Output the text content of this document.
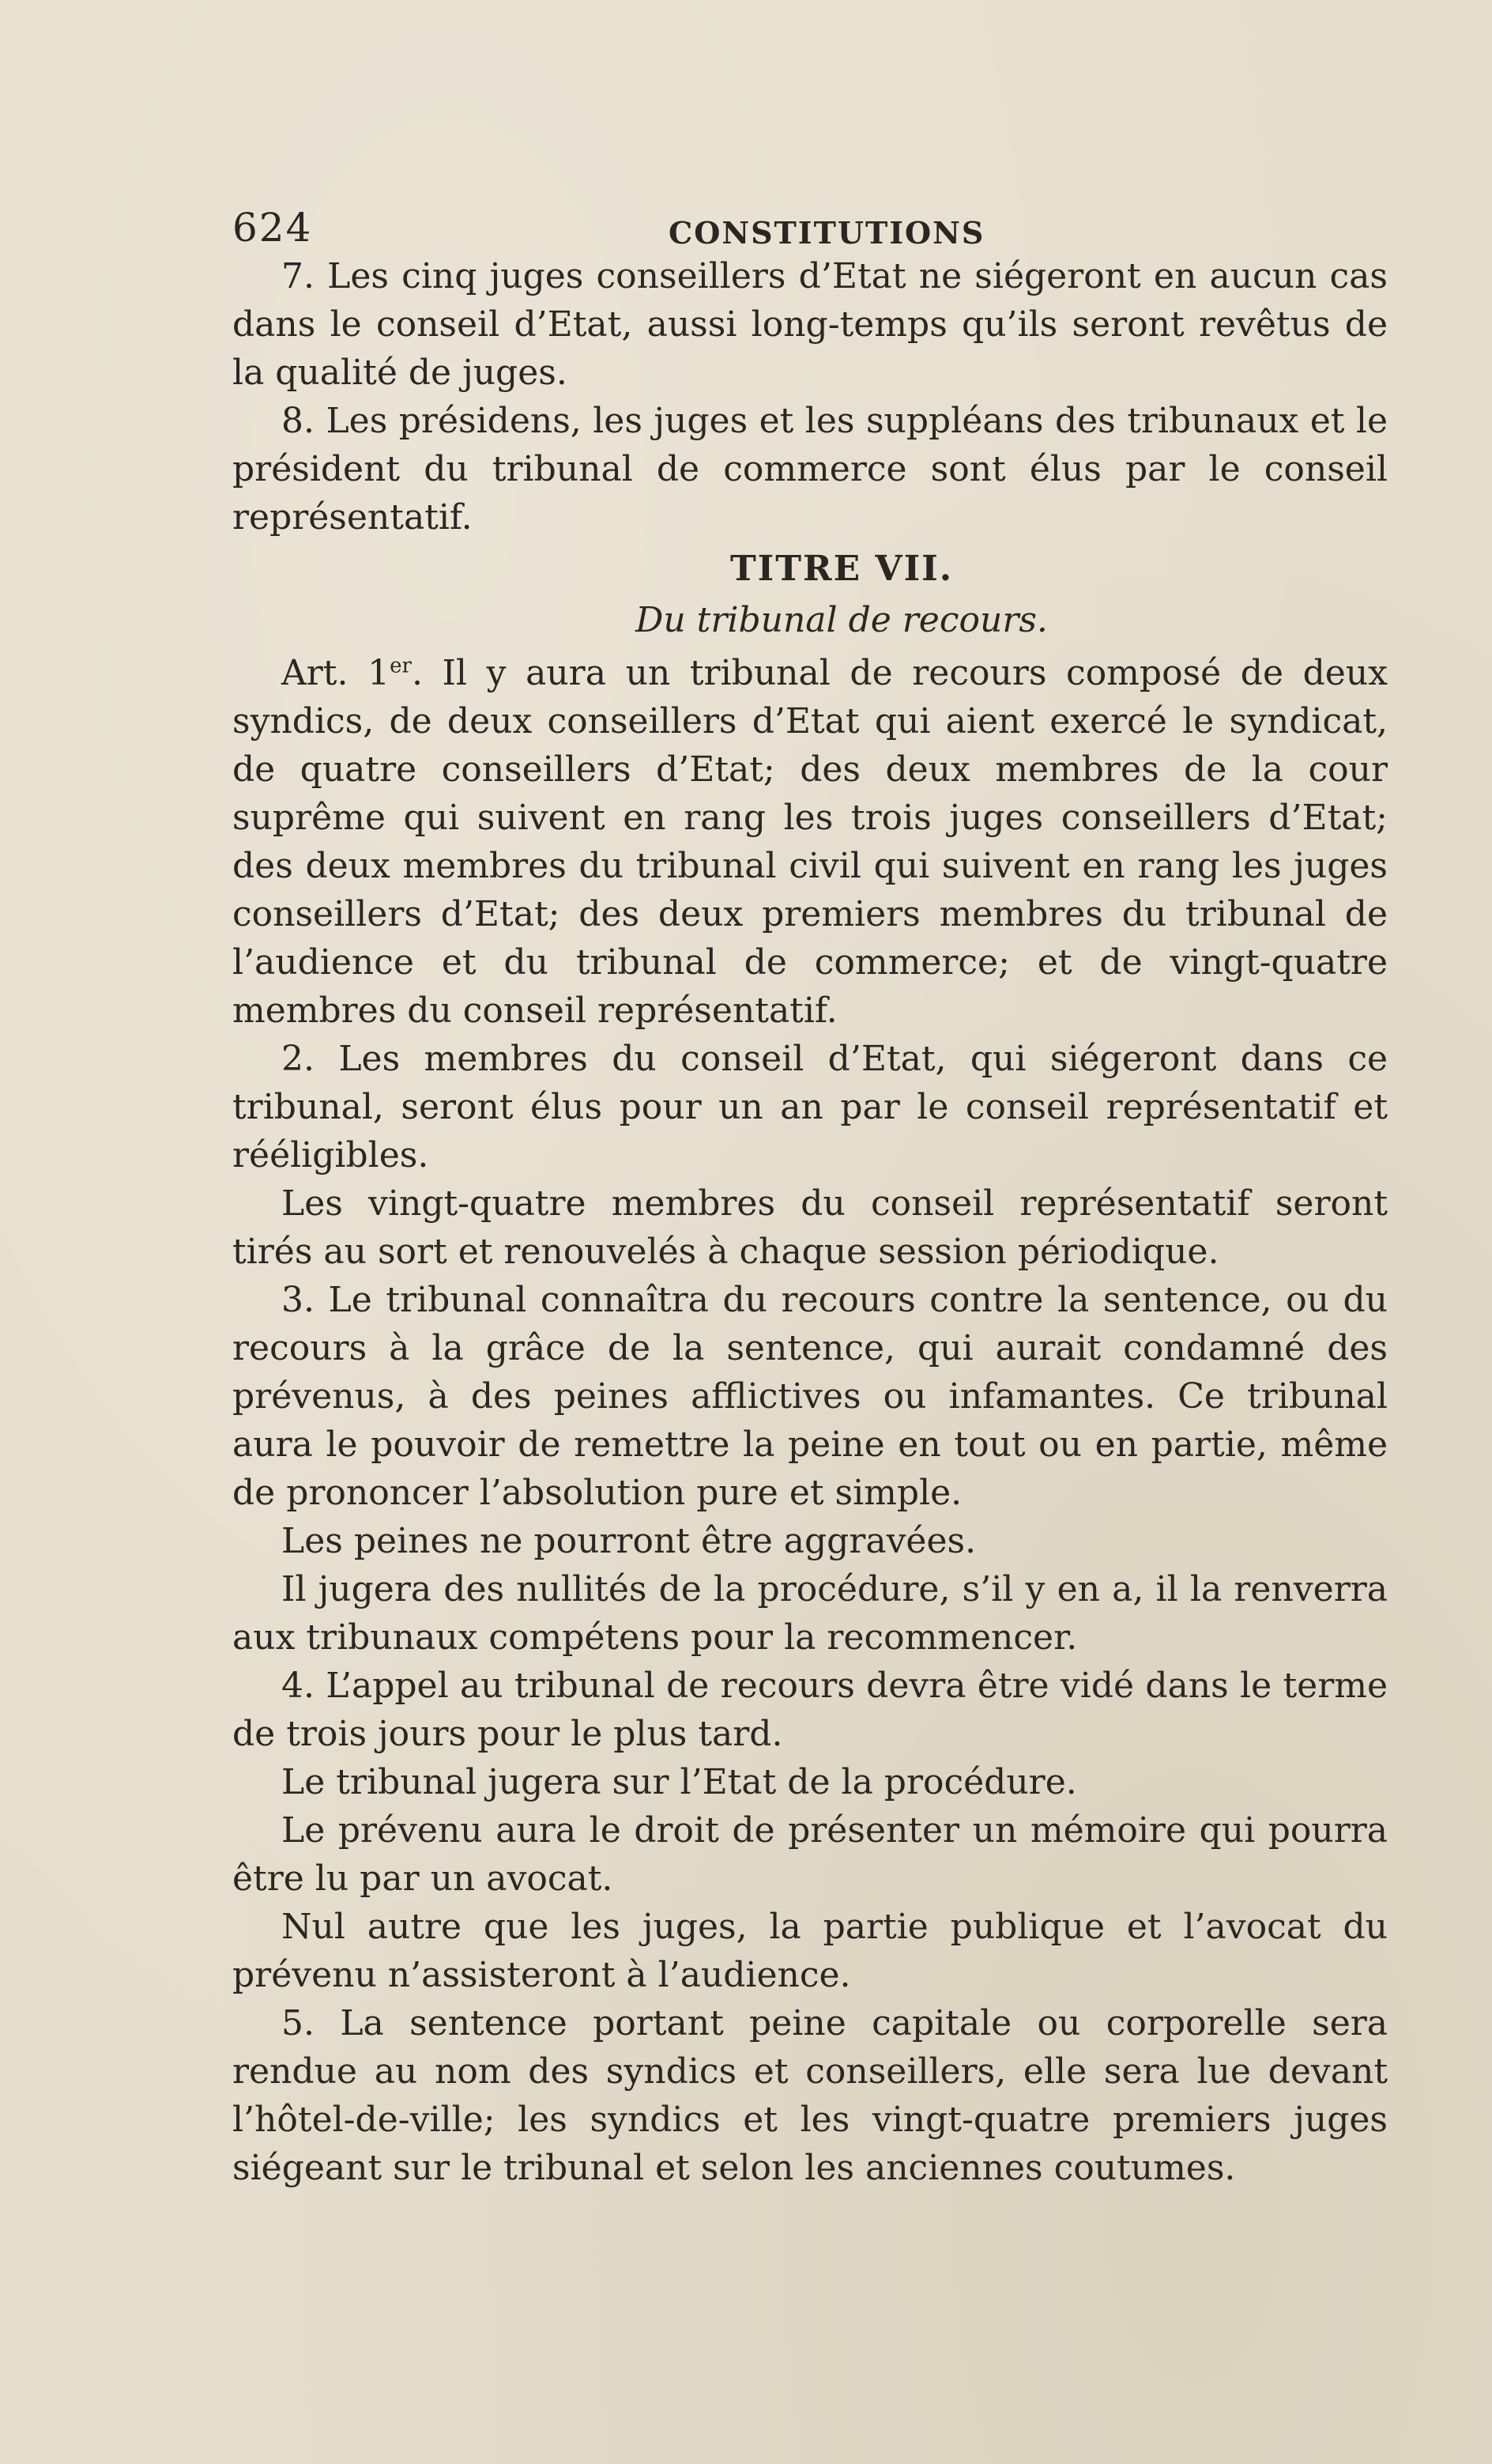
624	CONSTITUTIONS

7. Les cinq juges conseillers d’Etat ne siégeront en aucun cas dans le conseil d’Etat, aussi long-temps qu’ils seront revêtus de la qualité de juges.

8. Les présidens, les juges et les suppléans des tribunaux et le président du tribunal de commerce sont élus par le conseil représentatif.

TITRE VII.
Du tribunal de recours.

Art. 1er. Il y aura un tribunal de recours composé de deux syndics, de deux conseillers d’Etat qui aient exercé le syndicat, de quatre conseillers d’Etat; des deux membres de la cour suprême qui suivent en rang les trois juges conseillers d’Etat; des deux membres du tribunal civil qui suivent en rang les juges conseillers d’Etat; des deux premiers membres du tribunal de l’audience et du tribunal de commerce; et de vingt-quatre membres du conseil représentatif.

2. Les membres du conseil d’Etat, qui siégeront dans ce tribunal, seront élus pour un an par le conseil représentatif et rééligibles.

Les vingt-quatre membres du conseil représentatif seront tirés au sort et renouvelés à chaque session périodique.

3. Le tribunal connaîtra du recours contre la sentence, ou du recours à la grâce de la sentence, qui aurait condamné des prévenus, à des peines afflictives ou infamantes. Ce tribunal aura le pouvoir de remettre la peine en tout ou en partie, même de prononcer l’absolution pure et simple.

Les peines ne pourront être aggravées.

Il jugera des nullités de la procédure, s’il y en a, il la renverra aux tribunaux compétens pour la recommencer.

4. L’appel au tribunal de recours devra être vidé dans le terme de trois jours pour le plus tard.

Le tribunal jugera sur l’Etat de la procédure.

Le prévenu aura le droit de présenter un mémoire qui pourra être lu par un avocat.

Nul autre que les juges, la partie publique et l’avocat du prévenu n’assisteront à l’audience.

5. La sentence portant peine capitale ou corporelle sera rendue au nom des syndics et conseillers, elle sera lue devant l’hôtel-de-ville; les syndics et les vingt-quatre premiers juges siégeant sur le tribunal et selon les anciennes coutumes.
